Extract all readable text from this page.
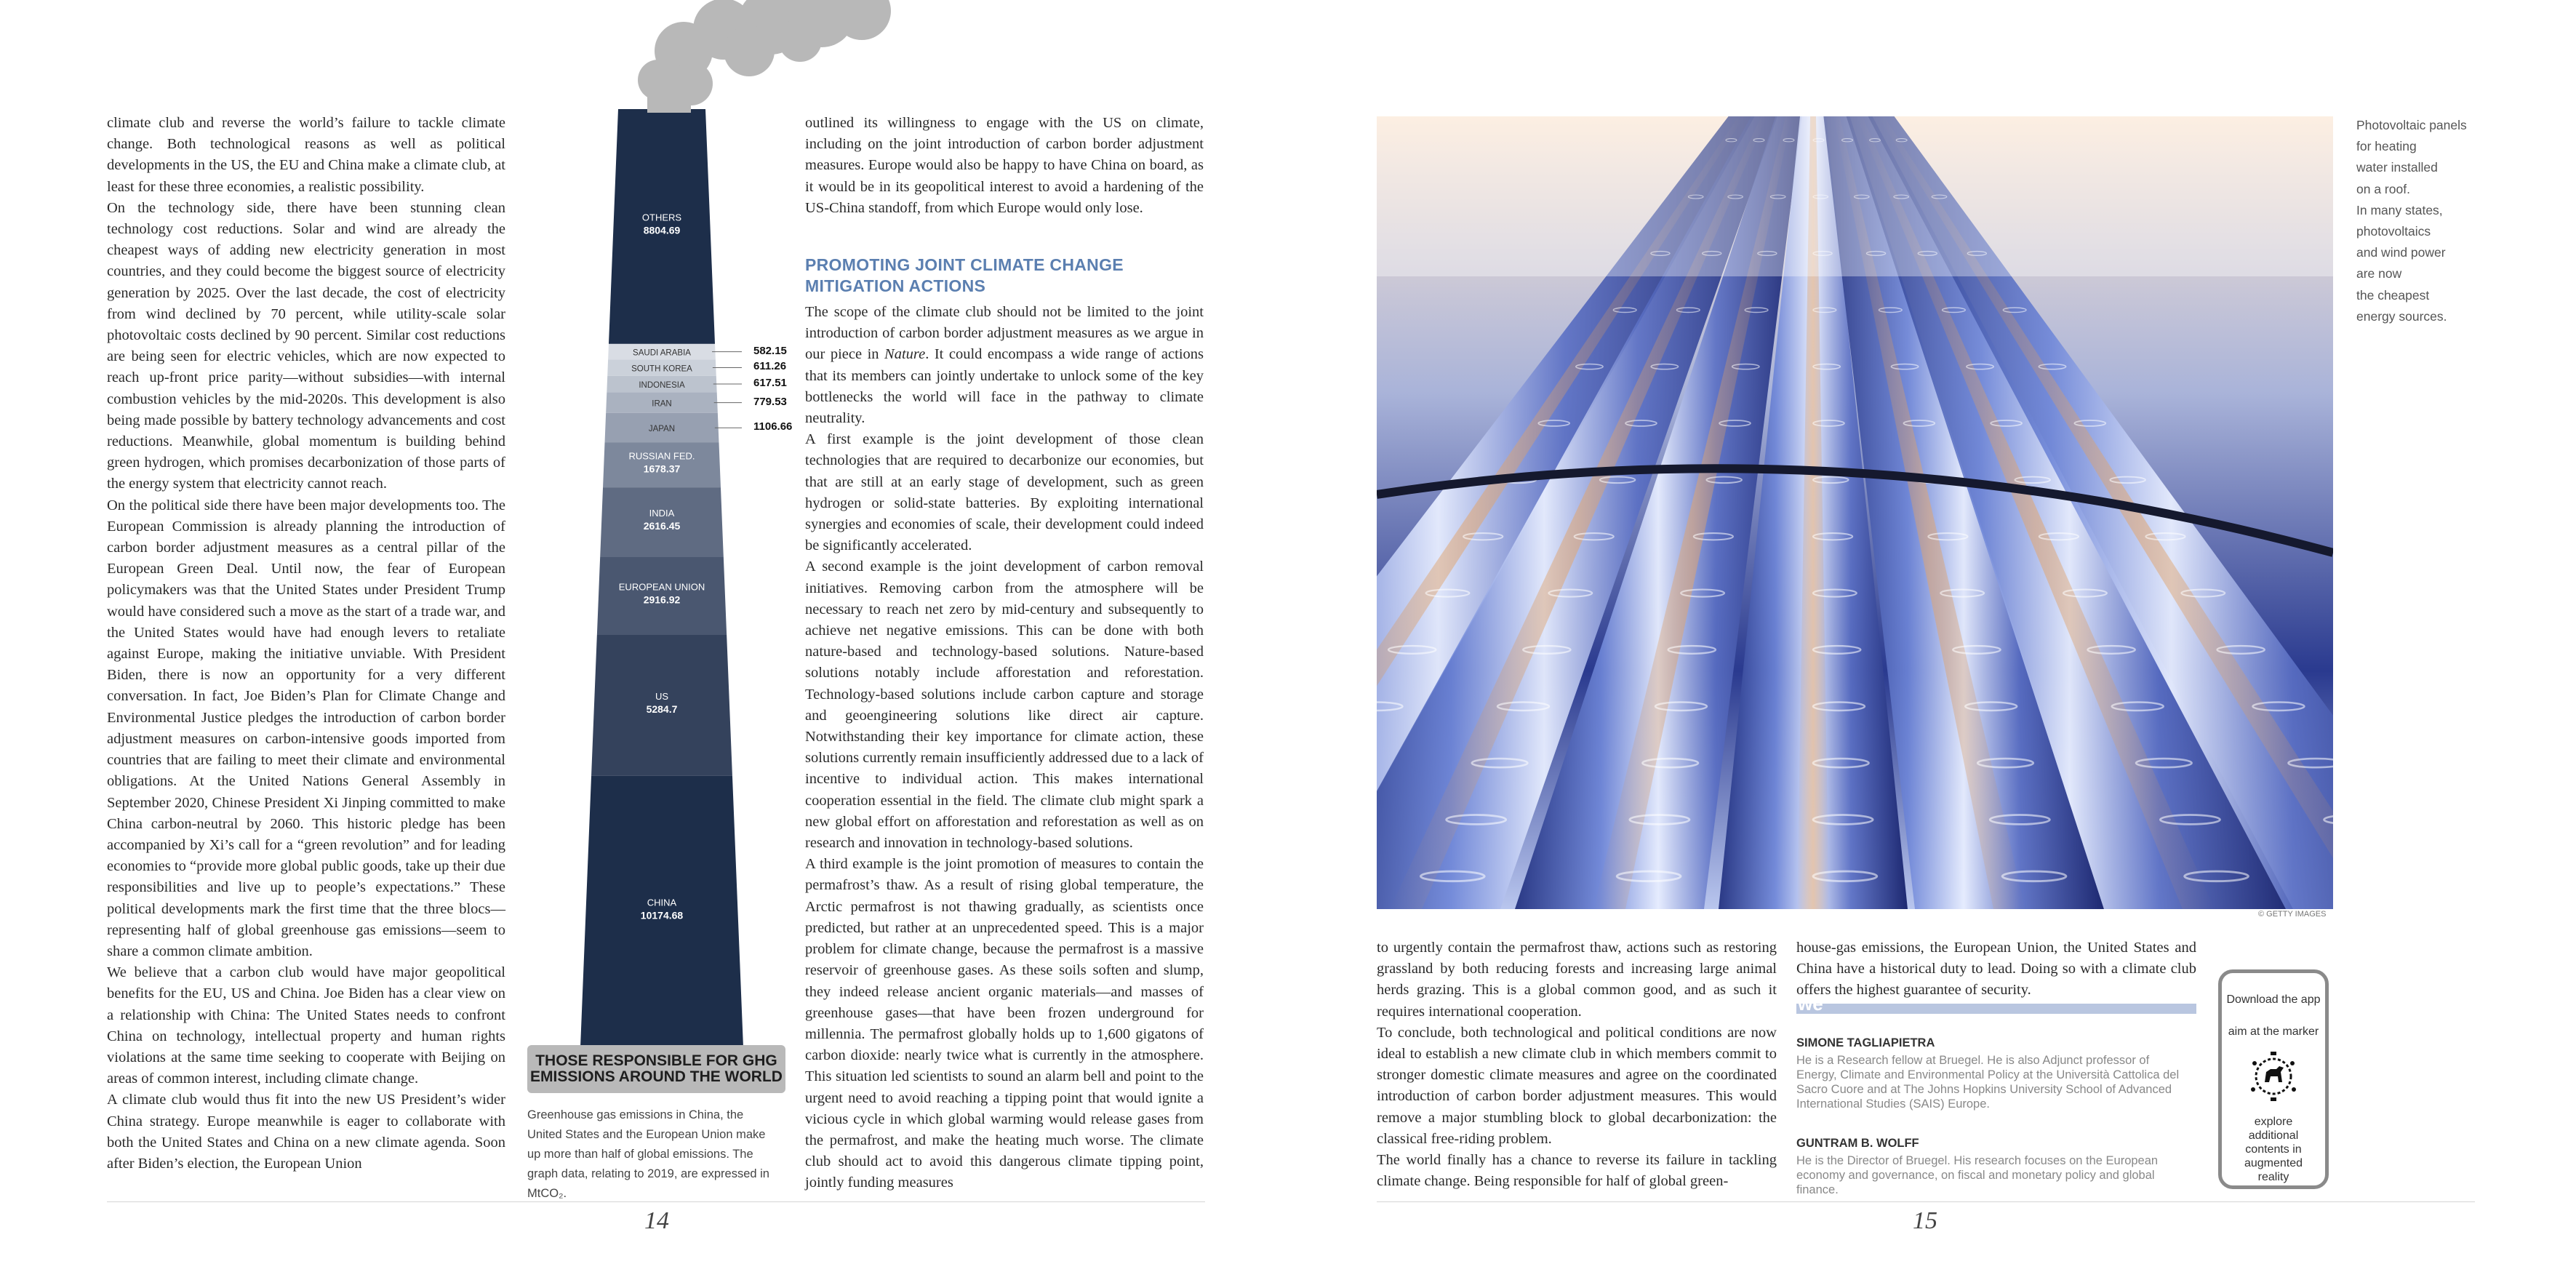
climate club and reverse the world’s failure to tackle climate change. Both technological reasons as well as political developments in the US, the EU and China make a climate club, at least for these three economies, a realistic possibility.

On the technology side, there have been stunning clean technology cost reductions. Solar and wind are already the cheapest ways of adding new electricity generation in most countries, and they could become the biggest source of electricity generation by 2025. Over the last decade, the cost of electricity from wind declined by 70 percent, while utility-scale solar photovoltaic costs declined by 90 percent. Similar cost reductions are being seen for electric vehicles, which are now expected to reach up-front price parity—without subsidies—with internal combustion vehicles by the mid-2020s. This development is also being made possible by battery technology advancements and cost reductions. Meanwhile, global momentum is building behind green hydrogen, which promises decarbonization of those parts of the energy system that electricity cannot reach.

On the political side there have been major developments too. The European Commission is already planning the introduction of carbon border adjustment measures as a central pillar of the European Green Deal. Until now, the fear of European policymakers was that the United States under President Trump would have considered such a move as the start of a trade war, and the United States would have had enough levers to retaliate against Europe, making the initiative unviable. With President Biden, there is now an opportunity for a very different conversation. In fact, Joe Biden’s Plan for Climate Change and Environmental Justice pledges the introduction of carbon border adjustment measures on carbon-intensive goods imported from countries that are failing to meet their climate and environmental obligations. At the United Nations General Assembly in September 2020, Chinese President Xi Jinping committed to make China carbon-neutral by 2060. This historic pledge has been accompanied by Xi’s call for a “green revolution” and for leading economies to “provide more global public goods, take up their due responsibilities and live up to people’s expectations.” These political developments mark the first time that the three blocs—representing half of global greenhouse gas emissions—seem to share a common climate ambition.

We believe that a carbon club would have major geopolitical benefits for the EU, US and China. Joe Biden has a clear view on a relationship with China: The United States needs to confront China on technology, intellectual property and human rights violations at the same time seeking to cooperate with Beijing on areas of common interest, including climate change.

A climate club would thus fit into the new US President’s wider China strategy. Europe meanwhile is eager to collaborate with both the United States and China on a new climate agenda. Soon after Biden’s election, the European Union

OTHERS
8804.69
SAUDI ARABIA
SOUTH KOREA
INDONESIA
IRAN
JAPAN
RUSSIAN FED.
1678.37
INDIA
2616.45
EUROPEAN UNION
2916.92
US
5284.7
CHINA
10174.68
THOSE RESPONSIBLE FOR GHG EMISSIONS AROUND THE WORLD
Greenhouse gas emissions in China, the United States and the European Union make up more than half of global emissions. The graph data, relating to 2019, are expressed in MtCO₂.

outlined its willingness to engage with the US on climate, including on the joint introduction of carbon border adjustment measures. Europe would also be happy to have China on board, as it would be in its geopolitical interest to avoid a hardening of the US-China standoff, from which Europe would only lose.

PROMOTING JOINT CLIMATE CHANGE MITIGATION ACTIONS

The scope of the climate club should not be limited to the joint introduction of carbon border adjustment measures as we argue in our piece in Nature. It could encompass a wide range of actions that its members can jointly undertake to unlock some of the key bottlenecks the world will face in the pathway to climate neutrality.

A first example is the joint development of those clean technologies that are required to decarbonize our economies, but that are still at an early stage of development, such as green hydrogen or solid-state batteries. By exploiting international synergies and economies of scale, their development could indeed be significantly accelerated.

A second example is the joint development of carbon removal initiatives. Removing carbon from the atmosphere will be necessary to reach net zero by mid-century and subsequently to achieve net negative emissions. This can be done with both nature-based and technology-based solutions. Nature-based solutions notably include afforestation and reforestation. Technology-based solutions include carbon capture and storage and geoengineering solutions like direct air capture. Notwithstanding their key importance for climate action, these solutions currently remain insufficiently addressed due to a lack of incentive to individual action. This makes international cooperation essential in the field. The climate club might spark a new global effort on afforestation and reforestation as well as on research and innovation in technology-based solutions.

A third example is the joint promotion of measures to contain the permafrost’s thaw. As a result of rising global temperature, the Arctic permafrost is not thawing gradually, as scientists once predicted, but rather at an unprecedented speed. This is a major problem for climate change, because the permafrost is a massive reservoir of greenhouse gases. As these soils soften and slump, they indeed release ancient organic materials—and masses of greenhouse gases—that have been frozen underground for millennia. The permafrost globally holds up to 1,600 gigatons of carbon dioxide: nearly twice what is currently in the atmosphere. This situation led scientists to sound an alarm bell and point to the urgent need to avoid reaching a tipping point that would ignite a vicious cycle in which global warming would release gases from the permafrost, and make the heating much worse. The climate club should act to avoid this dangerous climate tipping point, jointly funding measures

14
© GETTY IMAGES
Photovoltaic panels
for heating
water installed
on a roof.
In many states,
photovoltaics
and wind power
are now
the cheapest
energy sources.

to urgently contain the permafrost thaw, actions such as restoring grassland by both reducing forests and increasing large animal herds grazing. This is a global common good, and as such it requires international cooperation.

To conclude, both technological and political conditions are now ideal to establish a new climate club in which members commit to stronger domestic climate measures and agree on the coordinated introduction of carbon border adjustment measures. This would remove a major stumbling block to global decarbonization: the classical free-riding problem.

The world finally has a chance to reverse its failure in tackling climate change. Being responsible for half of global green-

house-gas emissions, the European Union, the United States and China have a historical duty to lead. Doing so with a climate club offers the highest guarantee of security.
we
SIMONE TAGLIAPIETRA
He is a Research fellow at Bruegel. He is also Adjunct professor of Energy, Climate and Environmental Policy at the Università Cattolica del Sacro Cuore and at The Johns Hopkins University School of Advanced International Studies (SAIS) Europe.
GUNTRAM B. WOLFF
He is the Director of Bruegel. His research focuses on the European economy and governance, on fiscal and monetary policy and global finance.
Download the app
aim at the marker
explore additional contents in augmented reality
15
582.15
611.26
617.51
779.53
1106.66
